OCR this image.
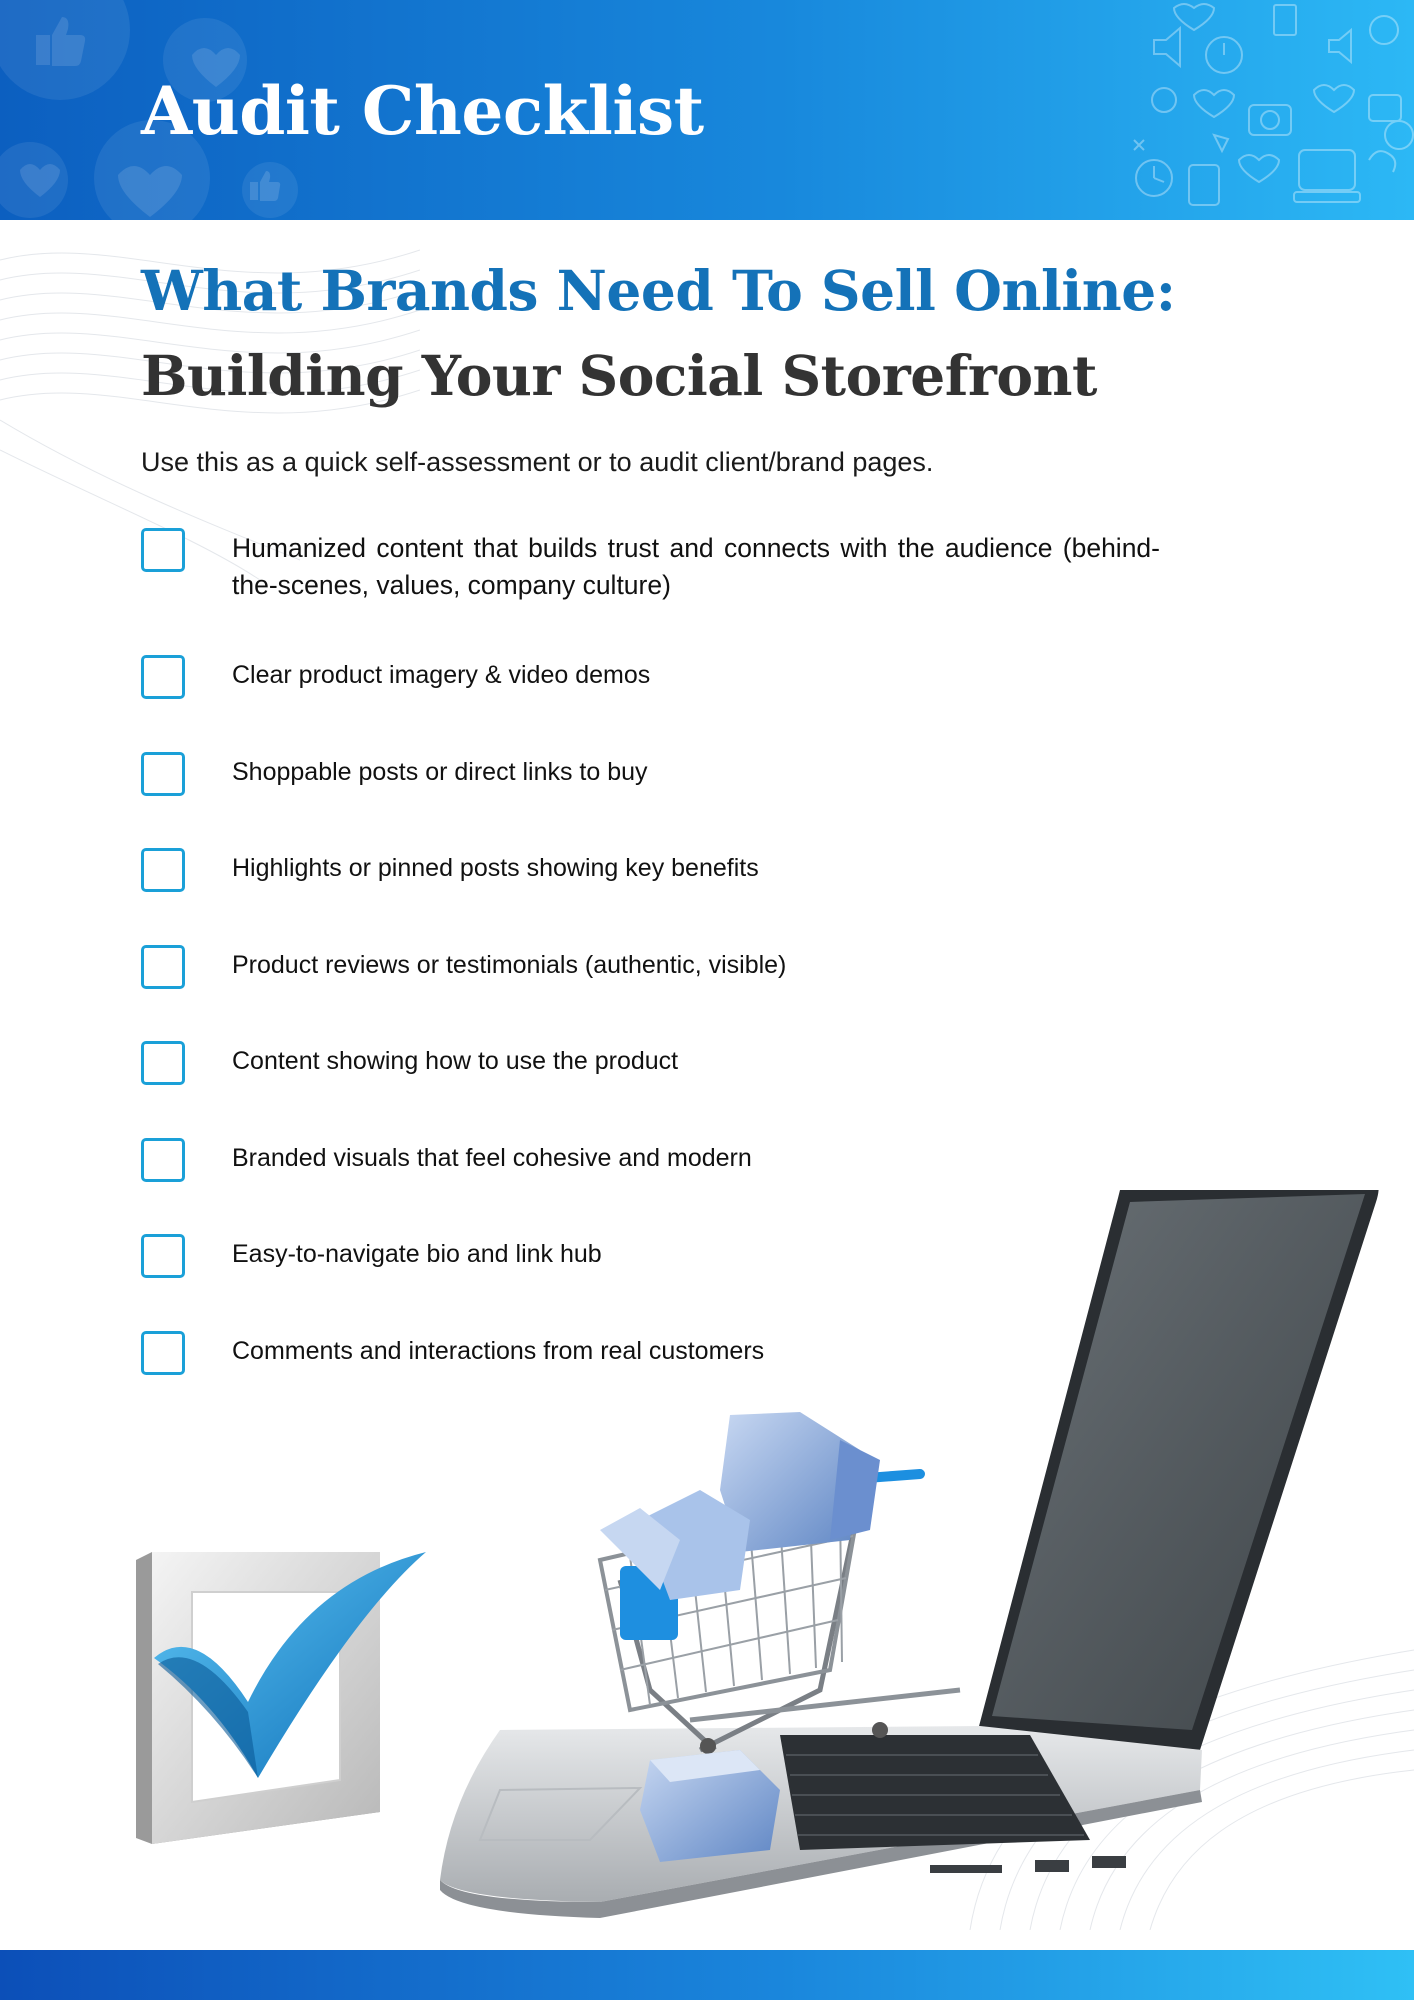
Audit Checklist
What Brands Need To Sell Online:
Building Your Social Storefront

Use this as a quick self-assessment or to audit client/brand pages.

Humanized content that builds trust and connects with the audience (behind-the-scenes, values, company culture)
Clear product imagery & video demos
Shoppable posts or direct links to buy
Highlights or pinned posts showing key benefits
Product reviews or testimonials (authentic, visible)
Content showing how to use the product
Branded visuals that feel cohesive and modern
Easy-to-navigate bio and link hub
Comments and interactions from real customers
